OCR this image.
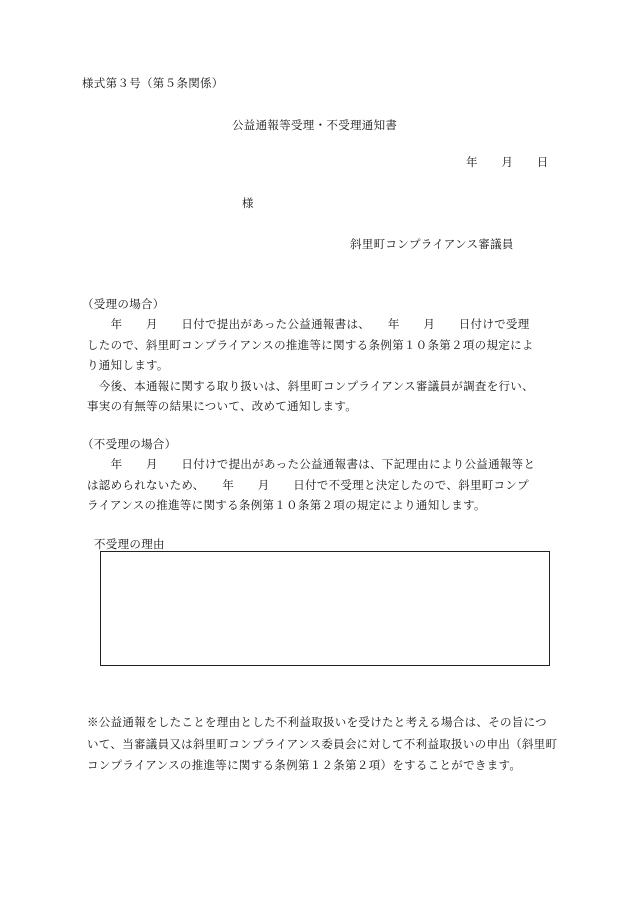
様式第３号（第５条関係）
公益通報等受理・不受理通知書
年　　月　　日
様
斜里町コンプライアンス審議員
（受理の場合）
　　年　　月　　日付で提出があった公益通報書は、　　年　　月　　日付けで受理
したので、斜里町コンプライアンスの推進等に関する条例第１０条第２項の規定によ
り通知します。
　今後、本通報に関する取り扱いは、斜里町コンプライアンス審議員が調査を行い、
事実の有無等の結果について、改めて通知します。
（不受理の場合）
　　年　　月　　日付けで提出があった公益通報書は、下記理由により公益通報等と
は認められないため、　　年　　月　　日付で不受理と決定したので、斜里町コンプ
ライアンスの推進等に関する条例第１０条第２項の規定により通知します。
不受理の理由
※公益通報をしたことを理由とした不利益取扱いを受けたと考える場合は、その旨につ
いて、当審議員又は斜里町コンプライアンス委員会に対して不利益取扱いの申出（斜里町
コンプライアンスの推進等に関する条例第１２条第２項）をすることができます。
